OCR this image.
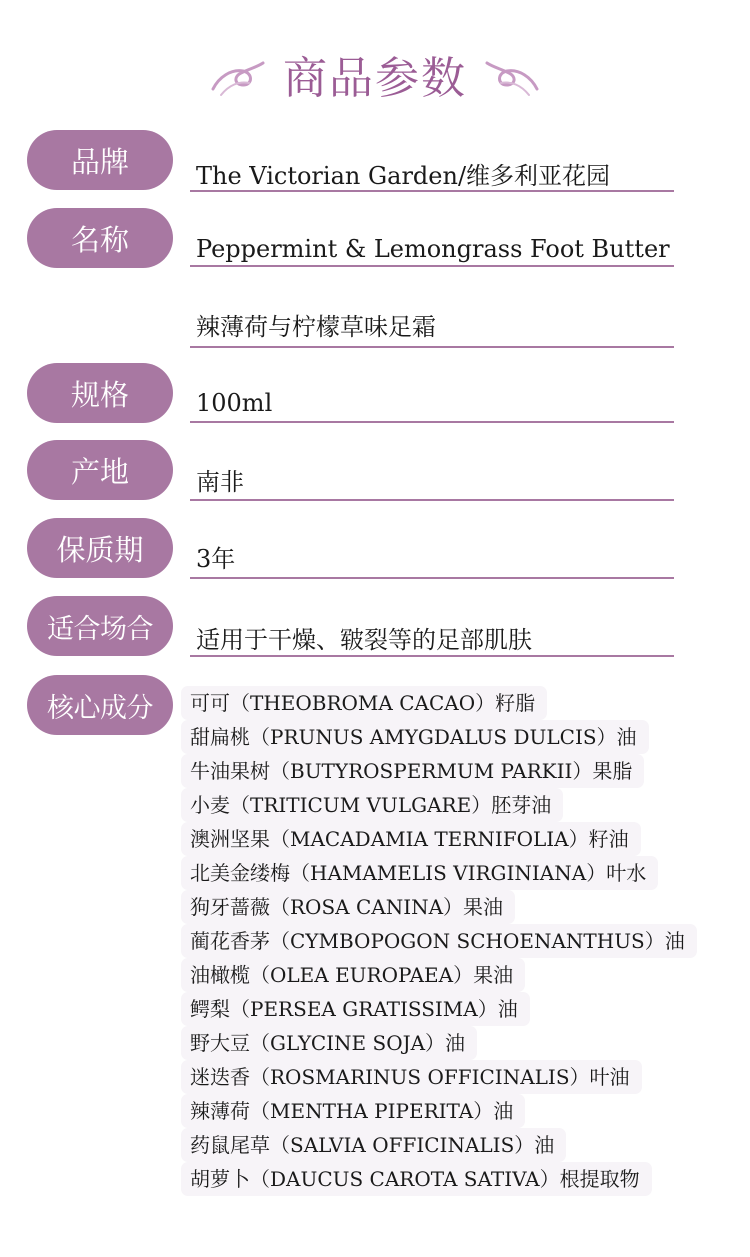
商品参数
品牌	The Victorian Garden/维多利亚花园
名称	Peppermint & Lemongrass Foot Butter
辣薄荷与柠檬草味足霜
规格	100ml
产地	南非
保质期	3年
适合场合	适用于干燥、皲裂等的足部肌肤
核心成分	可可（THEOBROMA CACAO）籽脂
甜扁桃（PRUNUS AMYGDALUS DULCIS）油
牛油果树（BUTYROSPERMUM PARKII）果脂
小麦（TRITICUM VULGARE）胚芽油
澳洲坚果（MACADAMIA TERNIFOLIA）籽油
北美金缕梅（HAMAMELIS VIRGINIANA）叶水
狗牙蔷薇（ROSA CANINA）果油
蔺花香茅（CYMBOPOGON SCHOENANTHUS）油
油橄榄（OLEA EUROPAEA）果油
鳄梨（PERSEA GRATISSIMA）油
野大豆（GLYCINE SOJA）油
迷迭香（ROSMARINUS OFFICINALIS）叶油
辣薄荷（MENTHA PIPERITA）油
药鼠尾草（SALVIA OFFICINALIS）油
胡萝卜（DAUCUS CAROTA SATIVA）根提取物
